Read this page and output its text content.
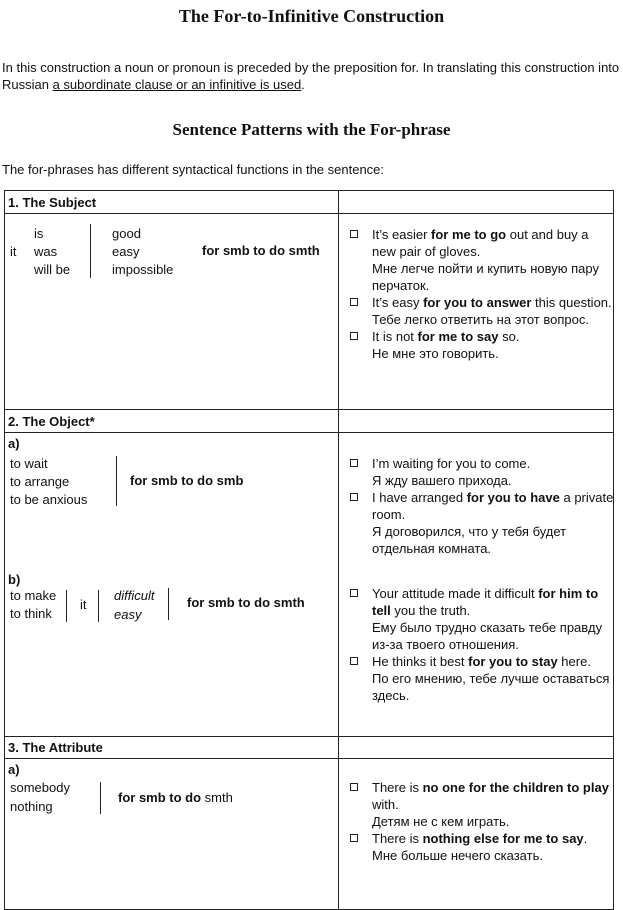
The For-to-Infinitive Construction
In this construction a noun or pronoun is preceded by the preposition for. In translating this construction into Russian a subordinate clause or an infinitive is used.
Sentence Patterns with the For-phrase
The for-phrases has different syntactical functions in the sentence:
1. The Subject
is
it was
will be
good
easy
impossible
for smb to do smth
It’s easier for me to go out and buy a new pair of gloves.
Мне легче пойти и купить новую пару перчаток.
It’s easy for you to answer this question.
Тебе легко ответить на этот вопрос.
It is not for me to say so.
Не мне это говорить.
2. The Object*
a)
to wait
to arrange
to be anxious
for smb to do smb
I’m waiting for you to come.
Я жду вашего прихода.
I have arranged for you to have a private room.
Я договорился, что у тебя будет отдельная комната.
b)
to make
to think
it
difficult
easy
for smb to do smth
Your attitude made it difficult for him to tell you the truth.
Ему было трудно сказать тебе правду из-за твоего отношения.
He thinks it best for you to stay here.
По его мнению, тебе лучше оставаться здесь.
3. The Attribute
a)
somebody
nothing
for smb to do smth
There is no one for the children to play with.
Детям не с кем играть.
There is nothing else for me to say.
Мне больше нечего сказать.
